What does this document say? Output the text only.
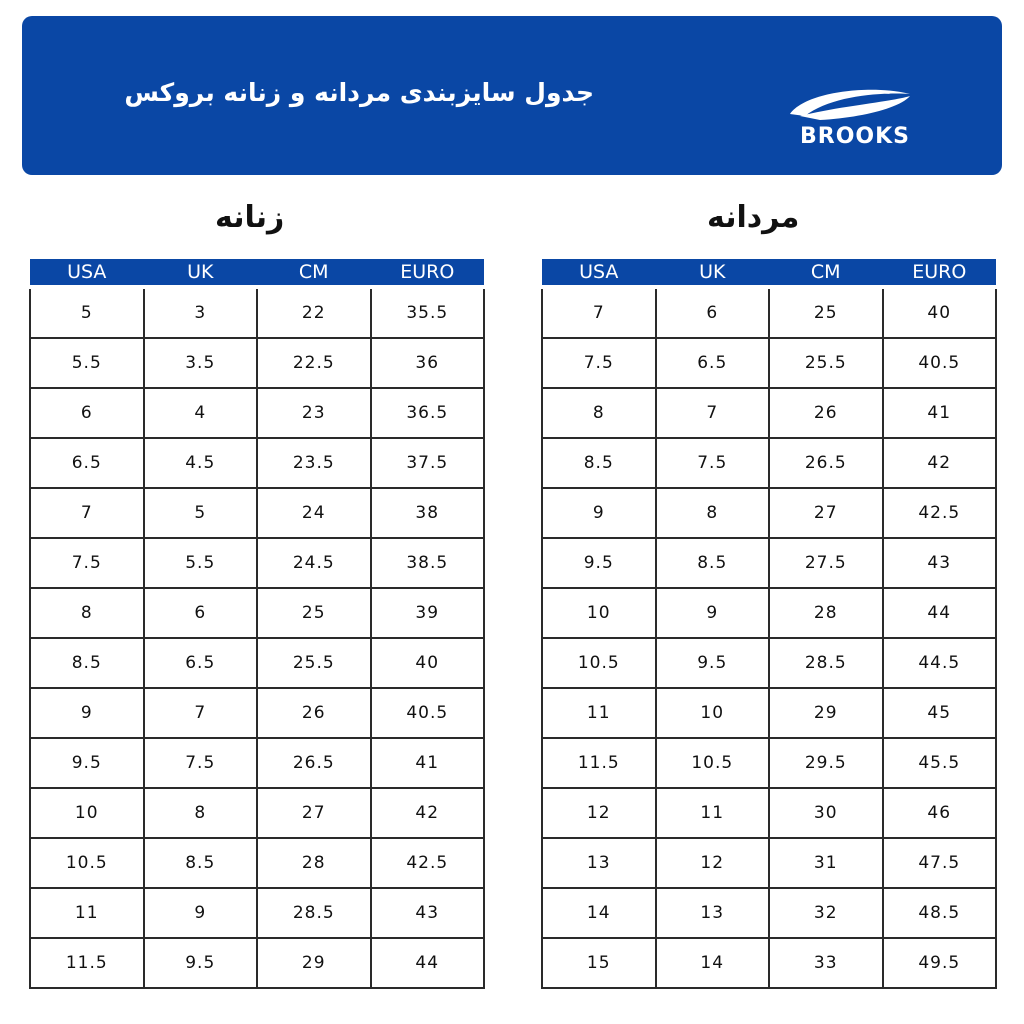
جدول سایزبندی مردانه و زنانه بروکس
BROOKS
زنانه	مردانه
USA	UK	CM	EURO
5	3	22	35.5
5.5	3.5	22.5	36
6	4	23	36.5
6.5	4.5	23.5	37.5
7	5	24	38
7.5	5.5	24.5	38.5
8	6	25	39
8.5	6.5	25.5	40
9	7	26	40.5
9.5	7.5	26.5	41
10	8	27	42
10.5	8.5	28	42.5
11	9	28.5	43
11.5	9.5	29	44
USA	UK	CM	EURO
7	6	25	40
7.5	6.5	25.5	40.5
8	7	26	41
8.5	7.5	26.5	42
9	8	27	42.5
9.5	8.5	27.5	43
10	9	28	44
10.5	9.5	28.5	44.5
11	10	29	45
11.5	10.5	29.5	45.5
12	11	30	46
13	12	31	47.5
14	13	32	48.5
15	14	33	49.5
